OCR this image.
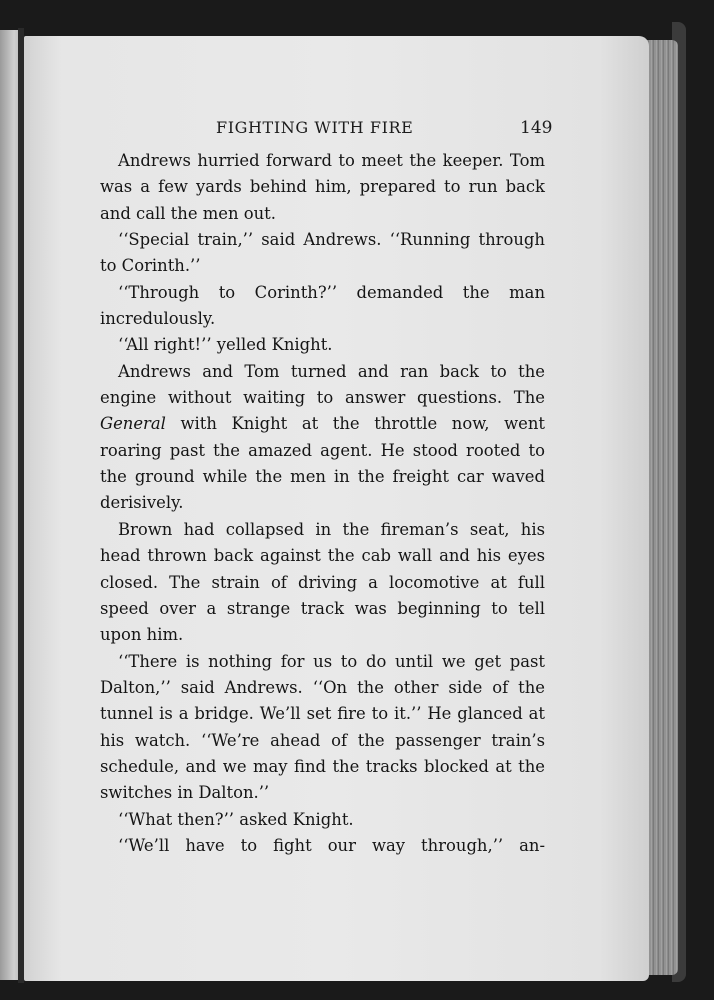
FIGHTING WITH FIRE	149

Andrews hurried forward to meet the keeper. Tom was a few yards behind him, prepared to run back and call the men out.

‘‘Special train,’’ said Andrews. ‘‘Running through to Corinth.’’

‘‘Through to Corinth?’’ demanded the man incredulously.

‘‘All right!’’ yelled Knight.

Andrews and Tom turned and ran back to the engine without waiting to answer questions. The General with Knight at the throttle now, went roaring past the amazed agent. He stood rooted to the ground while the men in the freight car waved derisively.

Brown had collapsed in the fireman’s seat, his head thrown back against the cab wall and his eyes closed. The strain of driving a locomotive at full speed over a strange track was beginning to tell upon him.

‘‘There is nothing for us to do until we get past Dalton,’’ said Andrews. ‘‘On the other side of the tunnel is a bridge. We’ll set fire to it.’’ He glanced at his watch. ‘‘We’re ahead of the passenger train’s schedule, and we may find the tracks blocked at the switches in Dalton.’’

‘‘What then?’’ asked Knight.

‘‘We’ll have to fight our way through,’’ an-
